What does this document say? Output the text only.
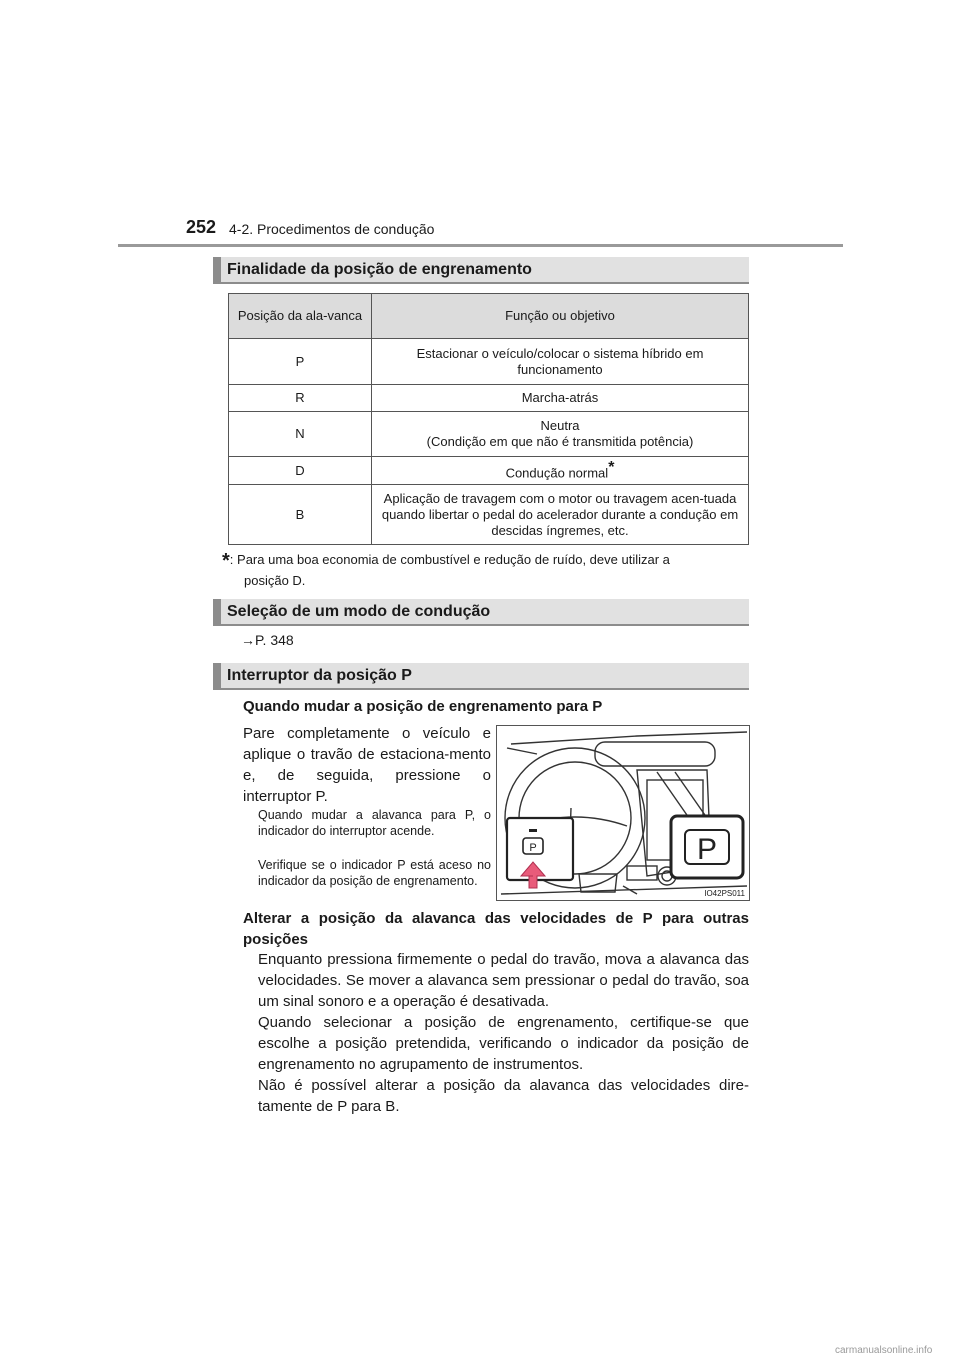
252 4-2. Procedimentos de condução
Finalidade da posição de engrenamento
Posição da ala-vanca	Função ou objetivo
P	Estacionar o veículo/colocar o sistema híbrido em funcionamento
R	Marcha-atrás
N	Neutra
(Condição em que não é transmitida potência)
D	Condução normal*
B	Aplicação de travagem com o motor ou travagem acen-tuada quando libertar o pedal do acelerador durante a condução em descidas íngremes, etc.
*: Para uma boa economia de combustível e redução de ruído, deve utilizar a
posição D.
Seleção de um modo de condução
→P. 348
Interruptor da posição P
Quando mudar a posição de engrenamento para P
Pare completamente o veículo e aplique o travão de estaciona-mento e, de seguida, pressione o interruptor P.
Quando mudar a alavanca para P, o indicador do interruptor acende.
Verifique se o indicador P está aceso no indicador da posição de engrenamento.
P	P
IO42PS011
Alterar a posição da alavanca das velocidades de P para outras posições
Enquanto pressiona firmemente o pedal do travão, mova a alavanca das velocidades. Se mover a alavanca sem pressionar o pedal do travão, soa um sinal sonoro e a operação é desativada.
Quando selecionar a posição de engrenamento, certifique-se que escolhe a posição pretendida, verificando o indicador da posição de engrenamento no agrupamento de instrumentos.
Não é possível alterar a posição da alavanca das velocidades dire-tamente de P para B.
carmanualsonline.info
